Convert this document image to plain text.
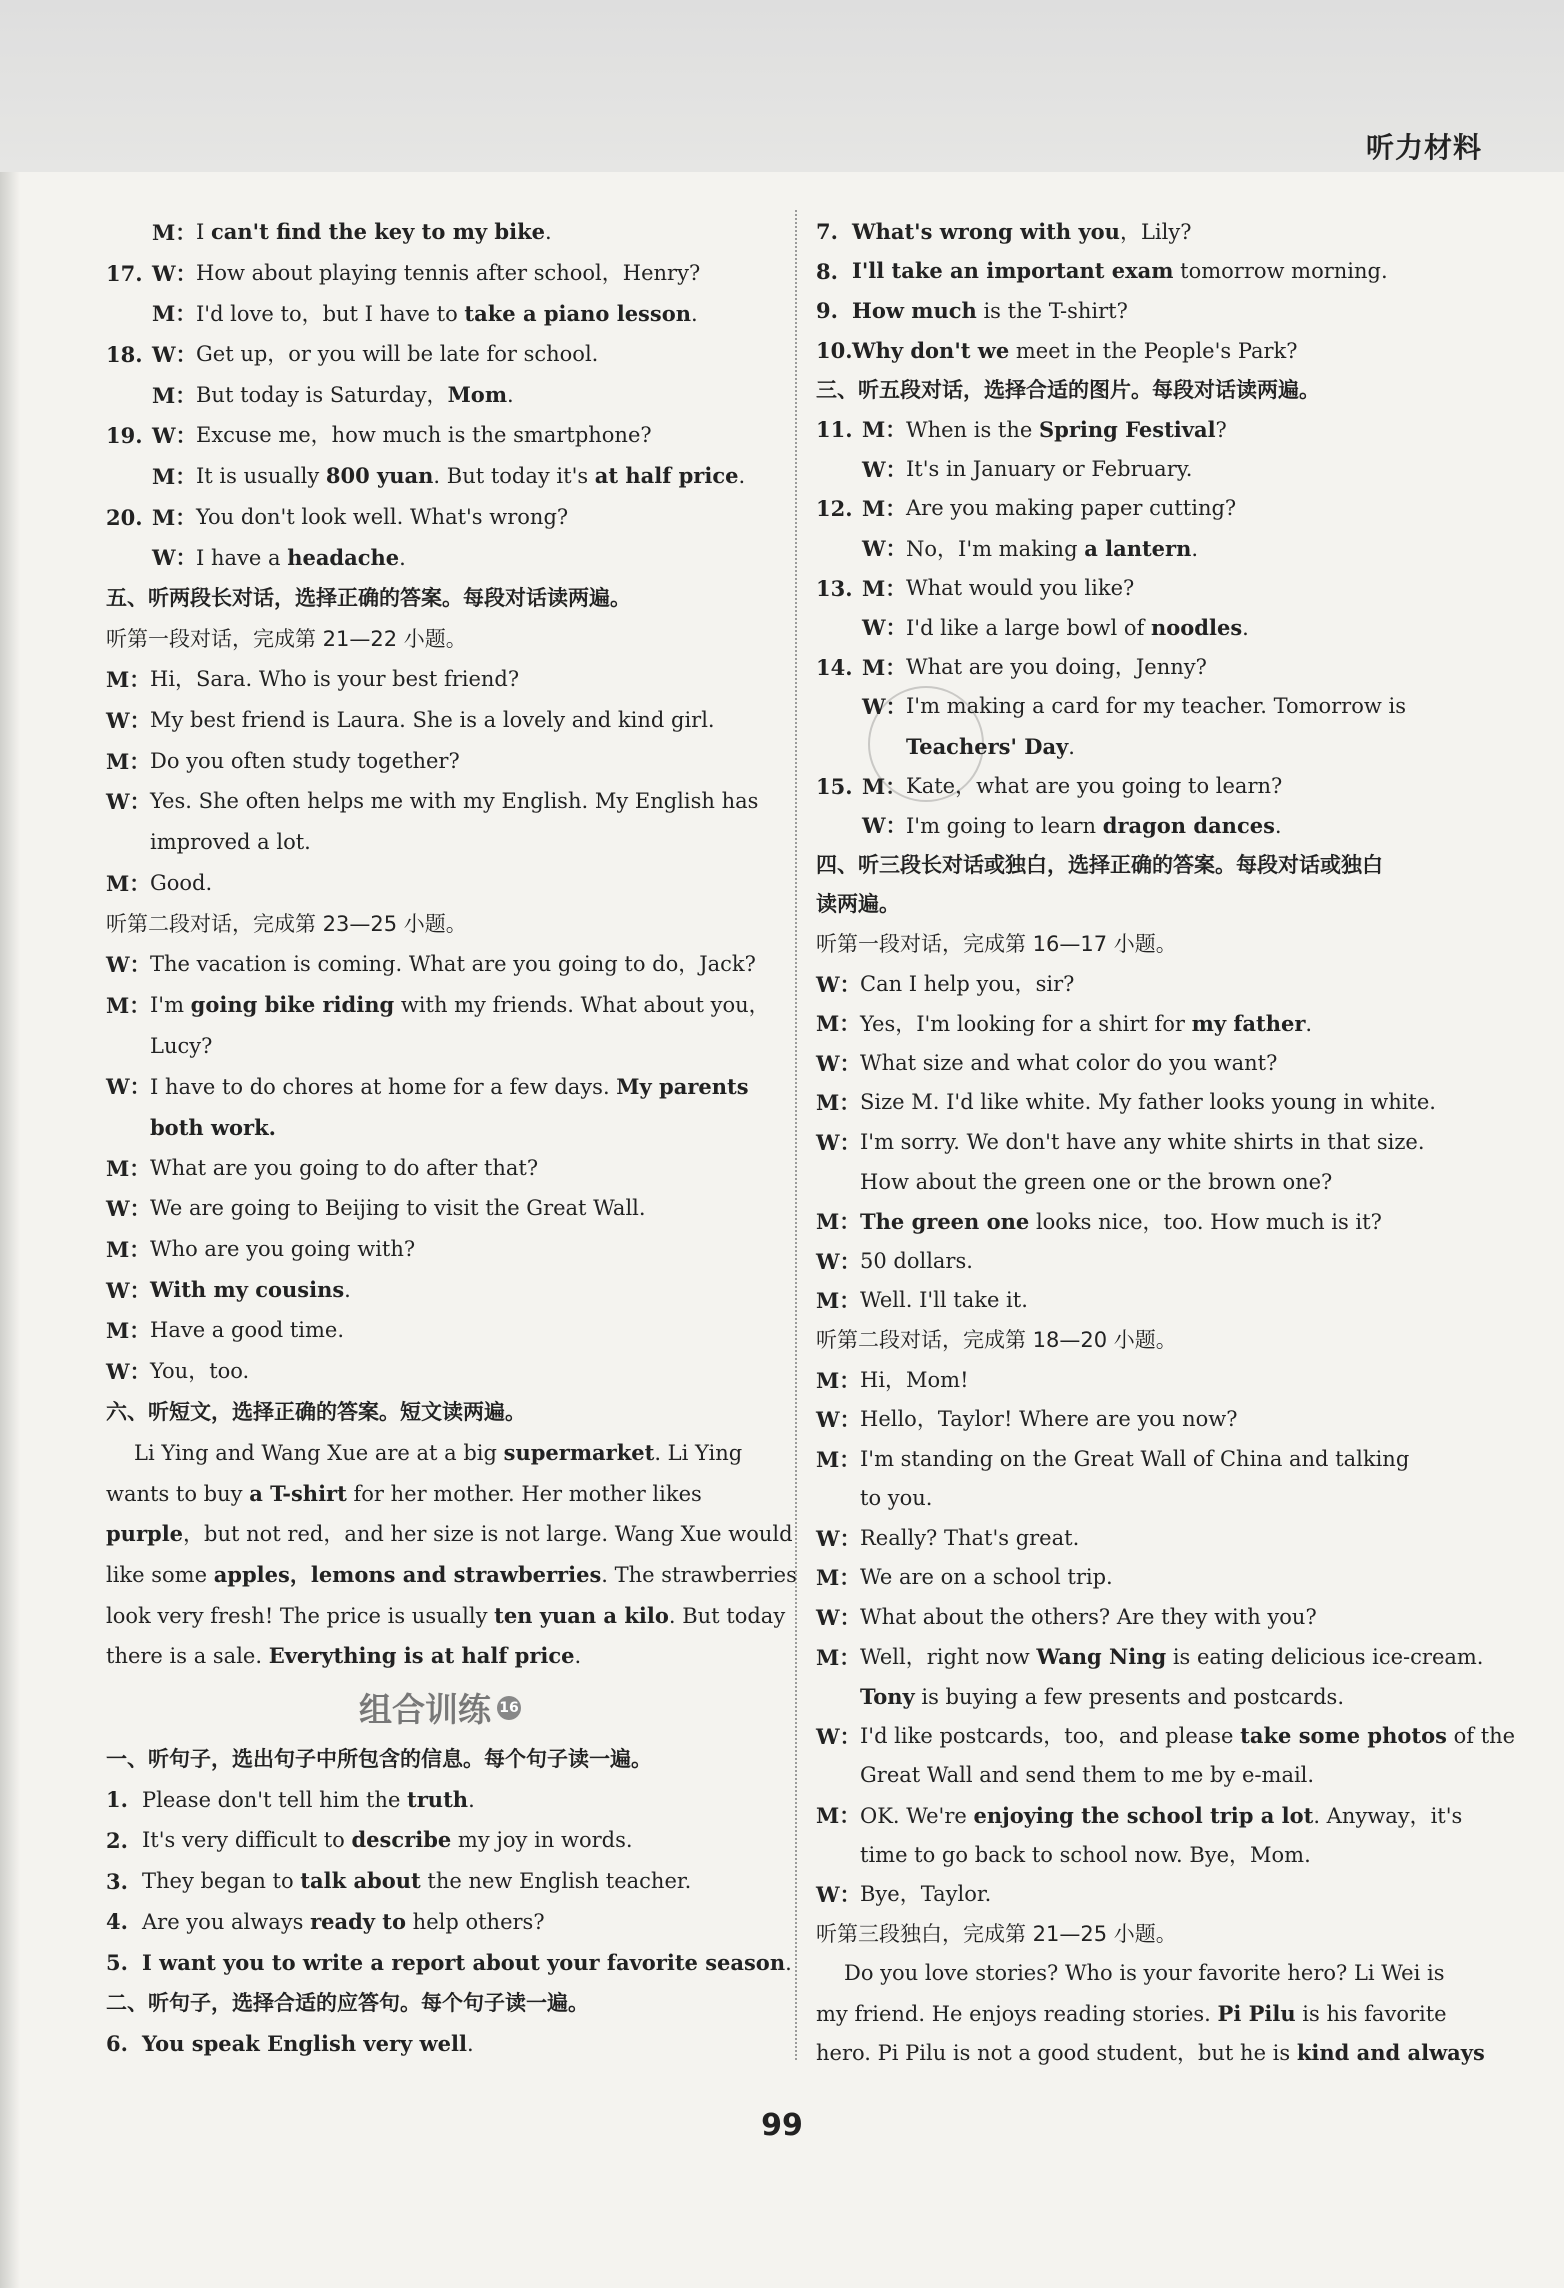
听力材料
M： I can't find the key to my bike.
17. W： How about playing tennis after school，Henry?
M： I'd love to，but I have to take a piano lesson.
18. W： Get up，or you will be late for school.
M： But today is Saturday，Mom.
19. W： Excuse me，how much is the smartphone?
M： It is usually 800 yuan. But today it's at half price.
20. M： You don't look well. What's wrong?
W： I have a headache.
五、听两段长对话，选择正确的答案。每段对话读两遍。
听第一段对话，完成第 21—22 小题。
M： Hi，Sara. Who is your best friend?
W： My best friend is Laura. She is a lovely and kind girl.
M： Do you often study together?
W： Yes. She often helps me with my English. My English has
improved a lot.
M： Good.
听第二段对话，完成第 23—25 小题。
W： The vacation is coming. What are you going to do，Jack?
M： I'm going bike riding with my friends. What about you，
Lucy?
W： I have to do chores at home for a few days. My parents
both work.
M： What are you going to do after that?
W： We are going to Beijing to visit the Great Wall.
M： Who are you going with?
W： With my cousins.
M： Have a good time.
W： You，too.
六、听短文，选择正确的答案。短文读两遍。
Li Ying and Wang Xue are at a big supermarket. Li Ying
wants to buy a T-shirt for her mother. Her mother likes
purple，but not red，and her size is not large. Wang Xue would
like some apples，lemons and strawberries. The strawberries
look very fresh! The price is usually ten yuan a kilo. But today
there is a sale. Everything is at half price.
组合训练 16
一、听句子，选出句子中所包含的信息。每个句子读一遍。
1. Please don't tell him the truth.
2. It's very difficult to describe my joy in words.
3. They began to talk about the new English teacher.
4. Are you always ready to help others?
5. I want you to write a report about your favorite season.
二、听句子，选择合适的应答句。每个句子读一遍。
6. You speak English very well.
7. What's wrong with you，Lily?
8. I'll take an important exam tomorrow morning.
9. How much is the T-shirt?
10. Why don't we meet in the People's Park?
三、听五段对话，选择合适的图片。每段对话读两遍。
11. M： When is the Spring Festival?
W： It's in January or February.
12. M： Are you making paper cutting?
W： No，I'm making a lantern.
13. M： What would you like?
W： I'd like a large bowl of noodles.
14. M： What are you doing，Jenny?
W： I'm making a card for my teacher. Tomorrow is
Teachers' Day.
15. M： Kate，what are you going to learn?
W： I'm going to learn dragon dances.
四、听三段长对话或独白，选择正确的答案。每段对话或独白
读两遍。
听第一段对话，完成第 16—17 小题。
W： Can I help you，sir?
M： Yes，I'm looking for a shirt for my father.
W： What size and what color do you want?
M： Size M. I'd like white. My father looks young in white.
W： I'm sorry. We don't have any white shirts in that size.
How about the green one or the brown one?
M： The green one looks nice，too. How much is it?
W： 50 dollars.
M： Well. I'll take it.
听第二段对话，完成第 18—20 小题。
M： Hi，Mom!
W： Hello，Taylor! Where are you now?
M： I'm standing on the Great Wall of China and talking
to you.
W： Really? That's great.
M： We are on a school trip.
W： What about the others? Are they with you?
M： Well，right now Wang Ning is eating delicious ice-cream.
Tony is buying a few presents and postcards.
W： I'd like postcards，too，and please take some photos of the
Great Wall and send them to me by e-mail.
M： OK. We're enjoying the school trip a lot. Anyway，it's
time to go back to school now. Bye，Mom.
W： Bye，Taylor.
听第三段独白，完成第 21—25 小题。
Do you love stories? Who is your favorite hero? Li Wei is
my friend. He enjoys reading stories. Pi Pilu is his favorite
hero. Pi Pilu is not a good student，but he is kind and always
99
